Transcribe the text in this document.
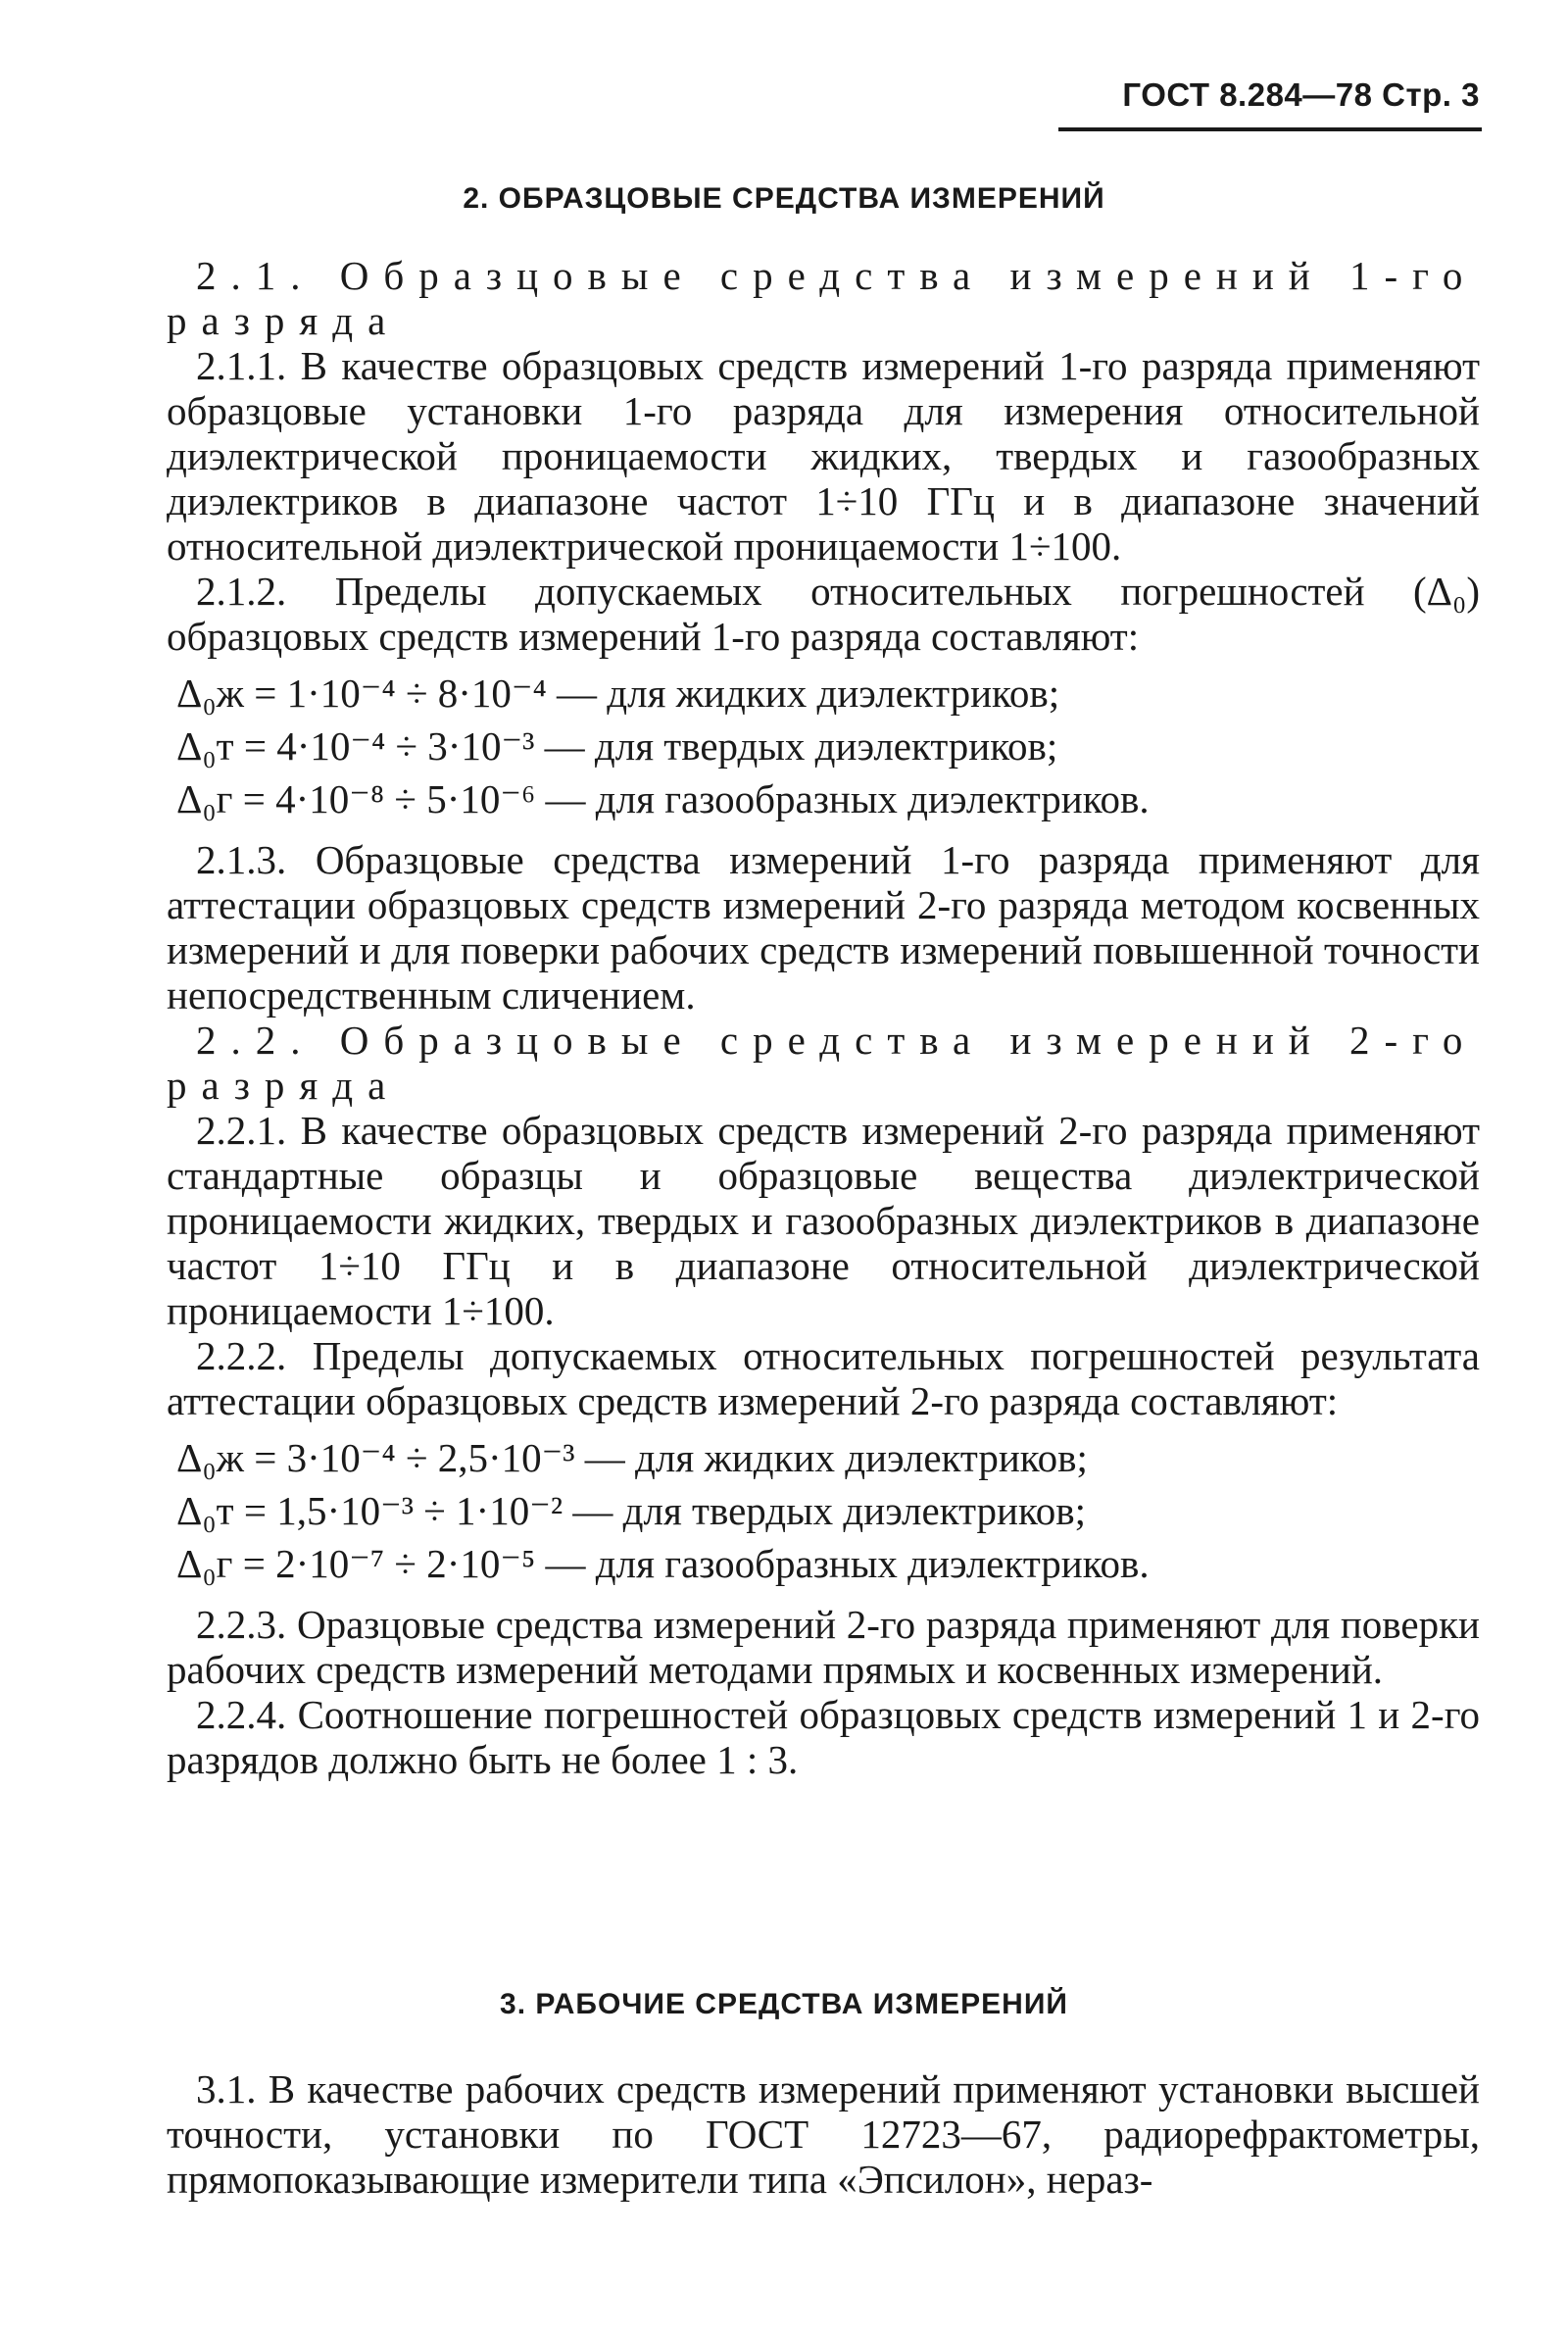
ГОСТ 8.284—78 Стр. 3
2. ОБРАЗЦОВЫЕ СРЕДСТВА ИЗМЕРЕНИЙ

2.1. Образцовые средства измерений 1-го разряда

2.1.1. В качестве образцовых средств измерений 1-го разряда применяют образцовые установки 1-го разряда для измерения относительной диэлектрической проницаемости жидких, твердых и газообразных диэлектриков в диапазоне частот 1÷10 ГГц и в диапазоне значений относительной диэлектрической проницаемости 1÷100.

2.1.2. Пределы допускаемых относительных погрешностей (Δ₀) образцовых средств измерений 1-го разряда составляют:

Δ₀ж = 1·10⁻⁴ ÷ 8·10⁻⁴ — для жидких диэлектриков;

Δ₀т = 4·10⁻⁴ ÷ 3·10⁻³ — для твердых диэлектриков;

Δ₀г = 4·10⁻⁸ ÷ 5·10⁻⁶ — для газообразных диэлектриков.

2.1.3. Образцовые средства измерений 1-го разряда применяют для аттестации образцовых средств измерений 2-го разряда методом косвенных измерений и для поверки рабочих средств измерений повышенной точности непосредственным сличением.

2.2. Образцовые средства измерений 2-го разряда

2.2.1. В качестве образцовых средств измерений 2-го разряда применяют стандартные образцы и образцовые вещества диэлектрической проницаемости жидких, твердых и газообразных диэлектриков в диапазоне частот 1÷10 ГГц и в диапазоне относительной диэлектрической проницаемости 1÷100.

2.2.2. Пределы допускаемых относительных погрешностей результата аттестации образцовых средств измерений 2-го разряда составляют:

Δ₀ж = 3·10⁻⁴ ÷ 2,5·10⁻³ — для жидких диэлектриков;

Δ₀т = 1,5·10⁻³ ÷ 1·10⁻² — для твердых диэлектриков;

Δ₀г = 2·10⁻⁷ ÷ 2·10⁻⁵ — для газообразных диэлектриков.

2.2.3. Оразцовые средства измерений 2-го разряда применяют для поверки рабочих средств измерений методами прямых и косвенных измерений.

2.2.4. Соотношение погрешностей образцовых средств измерений 1 и 2-го разрядов должно быть не более 1 : 3.

3. РАБОЧИЕ СРЕДСТВА ИЗМЕРЕНИЙ

3.1. В качестве рабочих средств измерений применяют установки высшей точности, установки по ГОСТ 12723—67, радиорефрактометры, прямопоказывающие измерители типа «Эпсилон», нераз-
